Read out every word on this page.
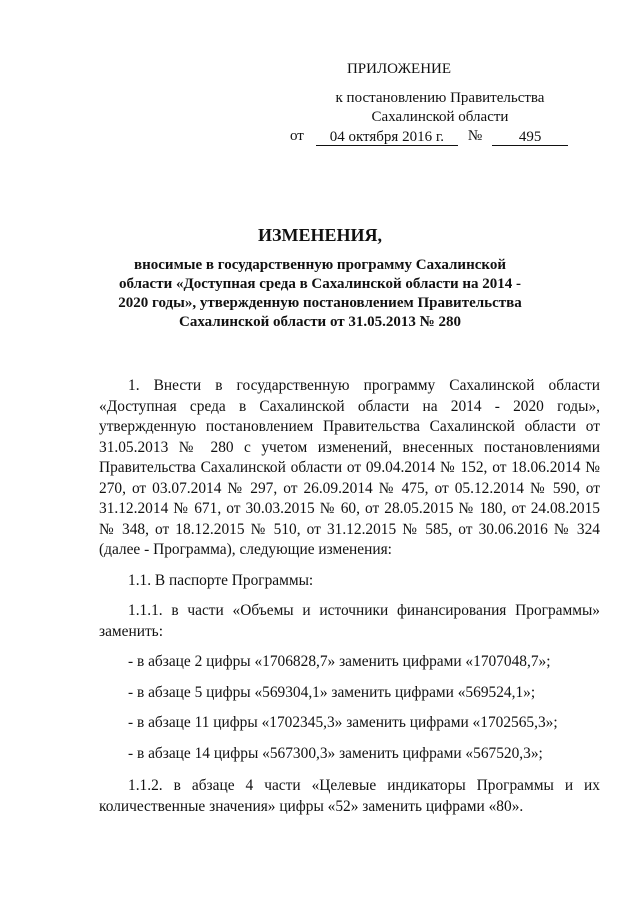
ПРИЛОЖЕНИЕ
к постановлению Правительства
Сахалинской области
от	04 октября 2016 г.	№	495
ИЗМЕНЕНИЯ,
вносимые в государственную программу Сахалинской области «Доступная среда в Сахалинской области на 2014 - 2020 годы», утвержденную постановлением Правительства Сахалинской области от 31.05.2013 № 280

1. Внести в государственную программу Сахалинской области «Доступная среда в Сахалинской области на 2014 - 2020 годы», утвержденную постановлением Правительства Сахалинской области от 31.05.2013 № 280 с учетом изменений, внесенных постановлениями Правительства Сахалинской области от 09.04.2014 № 152, от 18.06.2014 № 270, от 03.07.2014 № 297, от 26.09.2014 № 475, от 05.12.2014 № 590, от 31.12.2014 № 671, от 30.03.2015 № 60, от 28.05.2015 № 180, от 24.08.2015 № 348, от 18.12.2015 № 510, от 31.12.2015 № 585, от 30.06.2016 № 324 (далее - Программа), следующие изменения:

1.1. В паспорте Программы:

1.1.1. в части «Объемы и источники финансирования Программы» заменить:

- в абзаце 2 цифры «1706828,7» заменить цифрами «1707048,7»;

- в абзаце 5 цифры «569304,1» заменить цифрами «569524,1»;

- в абзаце 11 цифры «1702345,3» заменить цифрами «1702565,3»;

- в абзаце 14 цифры «567300,3» заменить цифрами «567520,3»;

1.1.2. в абзаце 4 части «Целевые индикаторы Программы и их количественные значения» цифры «52» заменить цифрами «80».
